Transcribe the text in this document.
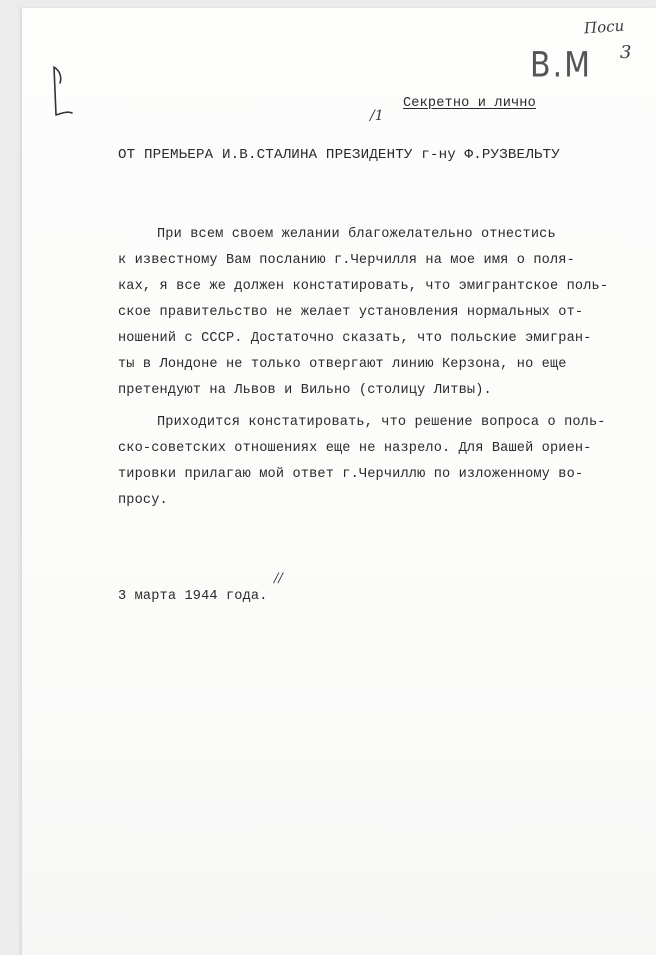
Поси
В.М 3
/1

Секретно и лично

ОТ ПРЕМЬЕРА И.В.СТАЛИНА ПРЕЗИДЕНТУ г-ну Ф.РУЗВЕЛЬТУ

При всем своем желании благожелательно отнестись

к известному Вам посланию г.Черчилля на мое имя о поля-

ках, я все же должен констатировать, что эмигрантское поль-

ское правительство не желает установления нормальных от-

ношений с СССР. Достаточно сказать, что польские эмигран-

ты в Лондоне не только отвергают линию Керзона, но еще

претендуют на Львов и Вильно (столицу Литвы).

Приходится констатировать, что решение вопроса о поль-

ско-советских отношениях еще не назрело. Для Вашей ориен-

тировки прилагаю мой ответ г.Черчиллю по изложенному во-

просу.

3 марта 1944 года.

//
